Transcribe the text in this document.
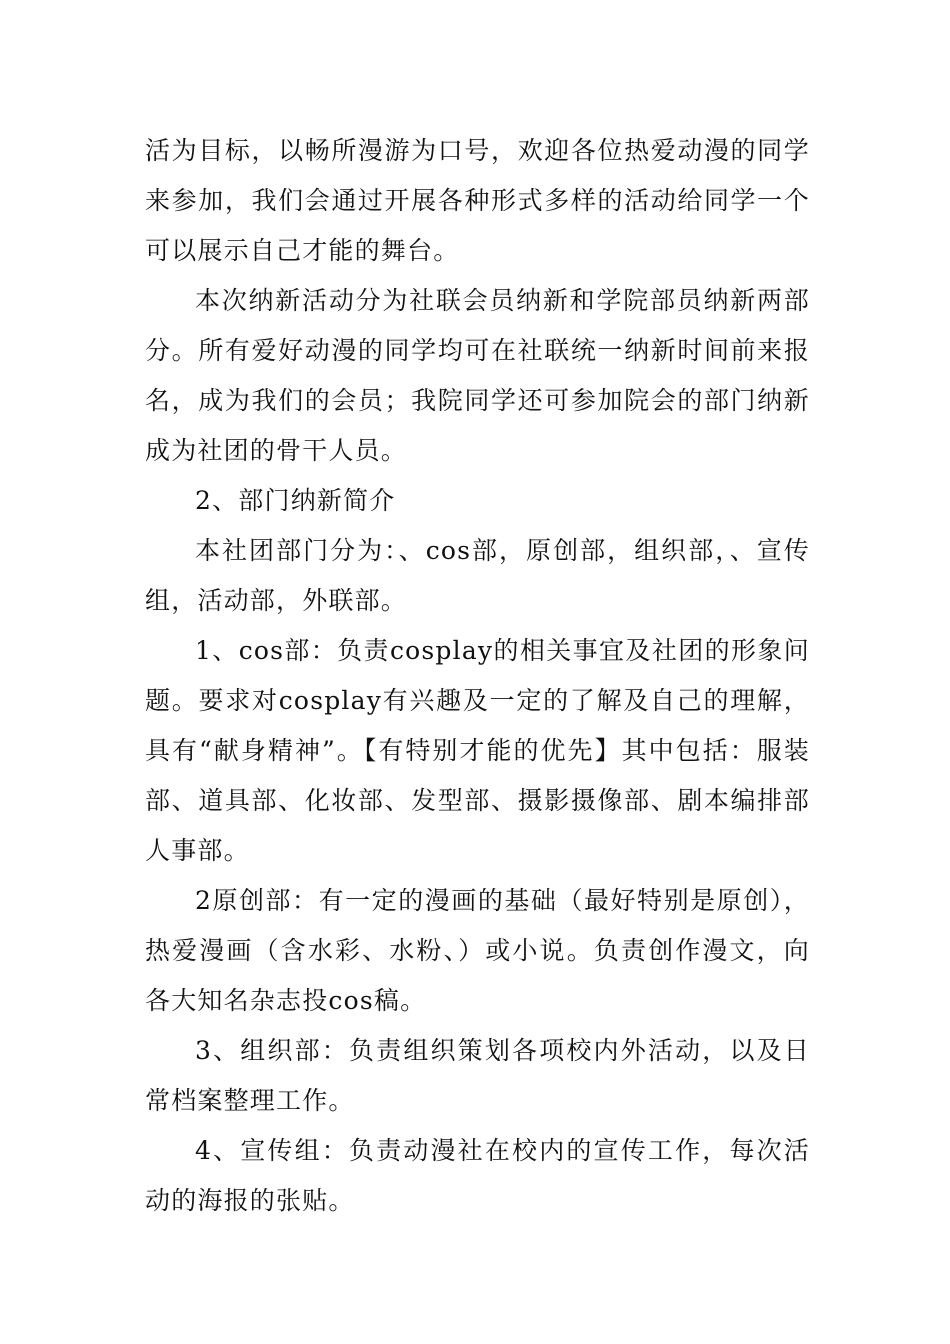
活为目标，以畅所漫游为口号，欢迎各位热爱动漫的同学来参加，我们会通过开展各种形式多样的活动给同学一个可以展示自己才能的舞台。

本次纳新活动分为社联会员纳新和学院部员纳新两部分。所有爱好动漫的同学均可在社联统一纳新时间前来报名，成为我们的会员；我院同学还可参加院会的部门纳新成为社团的骨干人员。

2、部门纳新简介

本社团部门分为：、cos部，原创部，组织部，、宣传组，活动部，外联部。

1、cos部：负责cosplay的相关事宜及社团的形象问题。要求对cosplay有兴趣及一定的了解及自己的理解，具有“献身精神”。【有特别才能的优先】其中包括：服装部、道具部、化妆部、发型部、摄影摄像部、剧本编排部人事部。

2原创部：有一定的漫画的基础（最好特别是原创），热爱漫画（含水彩、水粉、）或小说。负责创作漫文，向各大知名杂志投cos稿。

3、组织部：负责组织策划各项校内外活动，以及日常档案整理工作。

4、宣传组：负责动漫社在校内的宣传工作，每次活动的海报的张贴。
